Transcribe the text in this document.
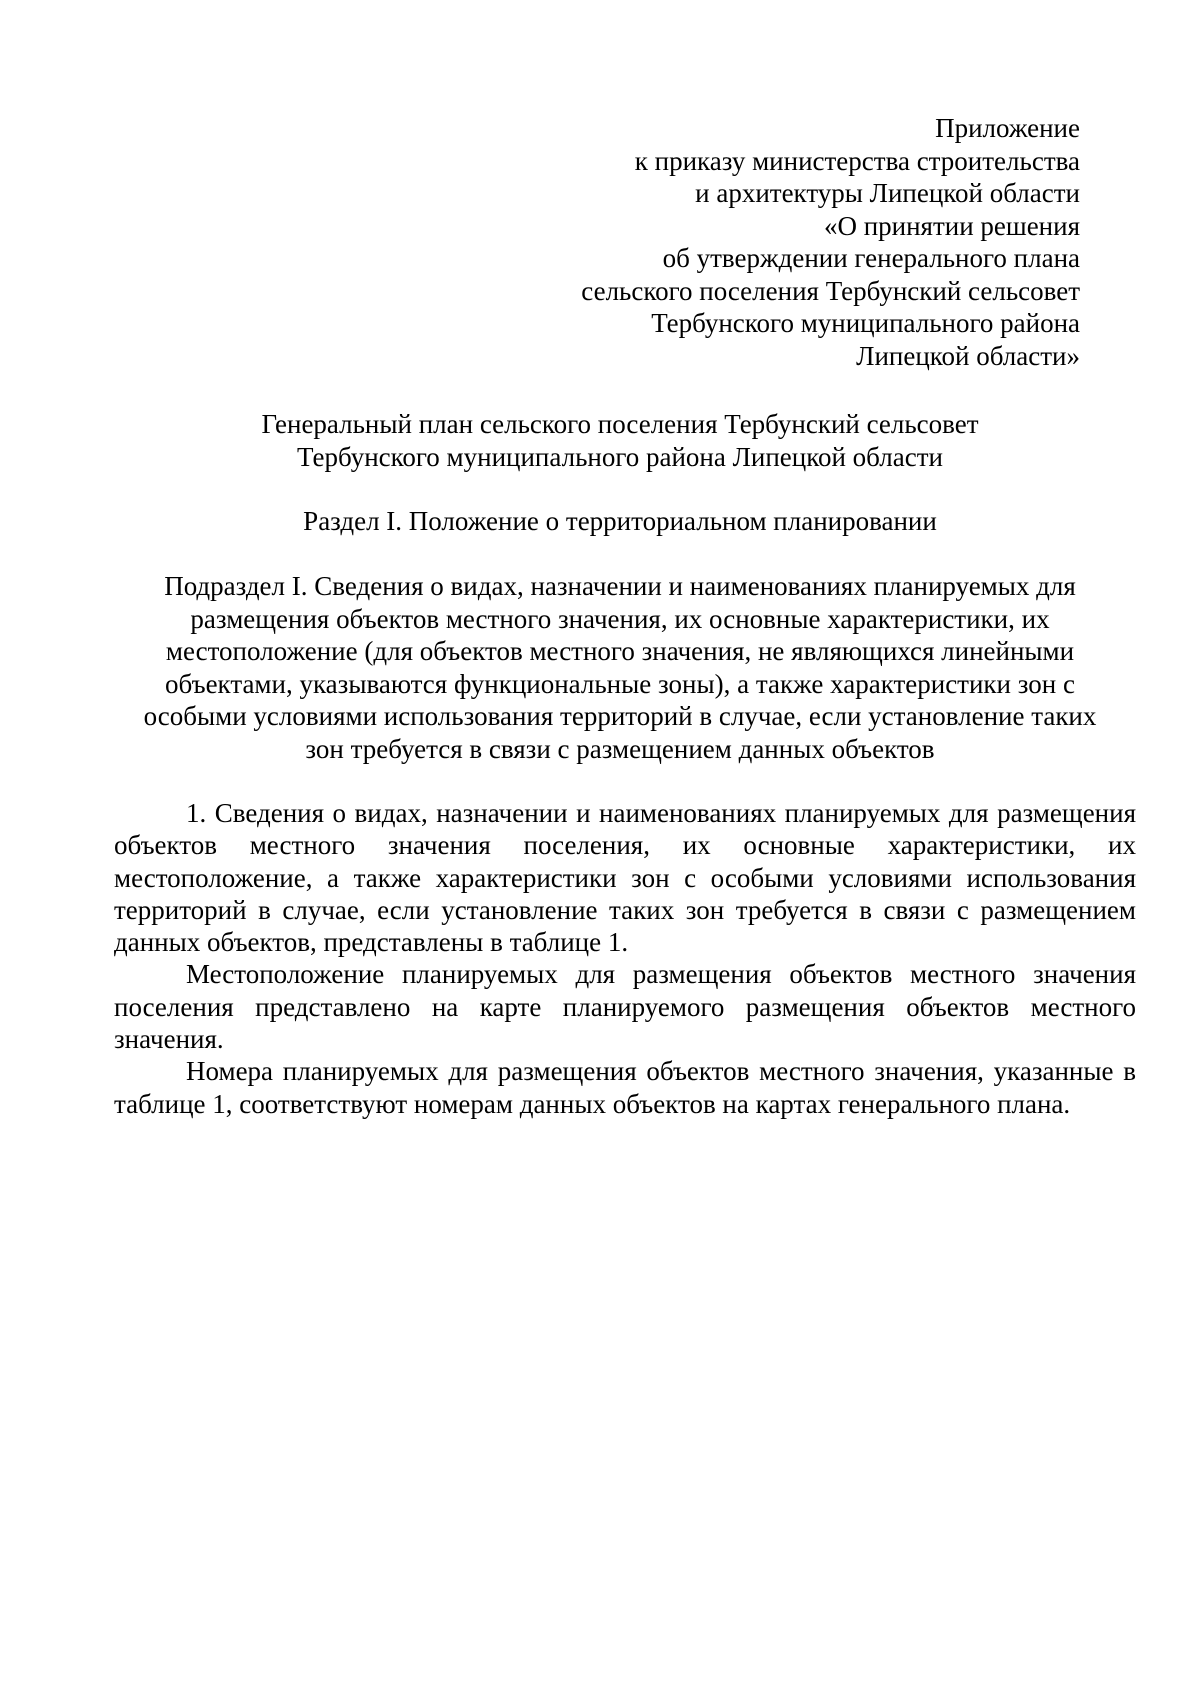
Приложение
к приказу министерства строительства
и архитектуры Липецкой области
«О принятии решения
об утверждении генерального плана
сельского поселения Тербунский сельсовет
Тербунского муниципального района
Липецкой области»
Генеральный план сельского поселения Тербунский сельсовет
Тербунского муниципального района Липецкой области
Раздел I. Положение о территориальном планировании
Подраздел I. Сведения о видах, назначении и наименованиях планируемых для
размещения объектов местного значения, их основные характеристики, их
местоположение (для объектов местного значения, не являющихся линейными
объектами, указываются функциональные зоны), а также характеристики зон с
особыми условиями использования территорий в случае, если установление таких
зон требуется в связи с размещением данных объектов

1. Сведения о видах, назначении и наименованиях планируемых для размещения объектов местного значения поселения, их основные характеристики, их местоположение, а также характеристики зон с особыми условиями использования территорий в случае, если установление таких зон требуется в связи с размещением данных объектов, представлены в таблице 1.

Местоположение планируемых для размещения объектов местного значения поселения представлено на карте планируемого размещения объектов местного значения.

Номера планируемых для размещения объектов местного значения, указанные в таблице 1, соответствуют номерам данных объектов на картах генерального плана.
